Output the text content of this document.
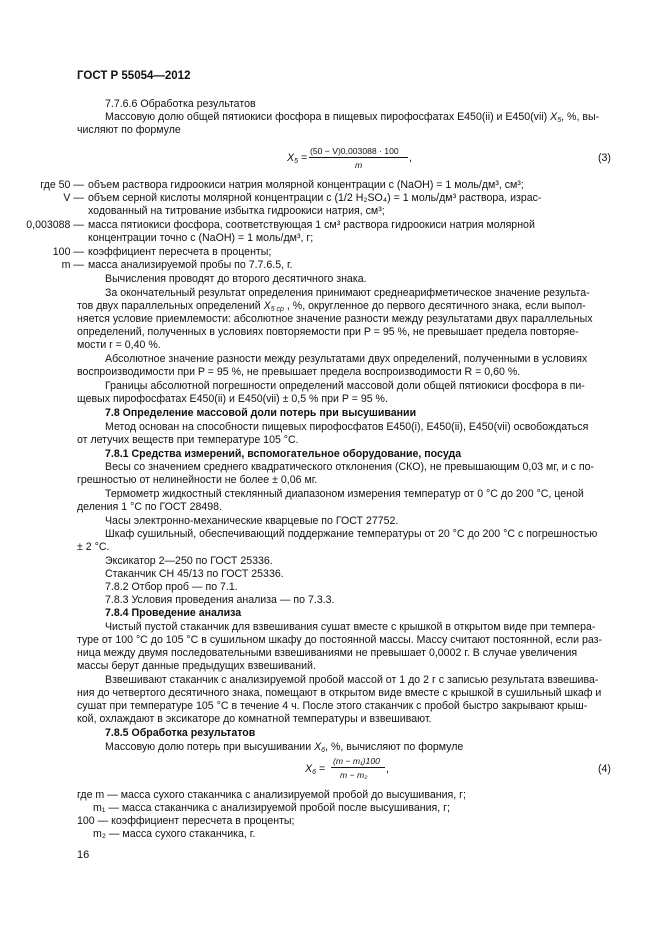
ГОСТ Р 55054—2012
7.7.6.6 Обработка результатов
Массовую долю общей пятиокиси фосфора в пищевых пирофосфатах Е450(ii) и Е450(vii) $X_5$, %, вы-
числяют по формуле
$X_5$ =
(50 − V)0,003088 · 100
m
,	(3)
где 50 — объем раствора гидроокиси натрия молярной концентрации c (NaOH) = 1 моль/дм³, см³;
V — объем серной кислоты молярной концентрации c (1/2 H₂SO₄) = 1 моль/дм³ раствора, израс-
ходованный на титрование избытка гидроокиси натрия, см³;
0,003088 — масса пятиокиси фосфора, соответствующая 1 см³ раствора гидроокиси натрия молярной
концентрации точно c (NaOH) = 1 моль/дм³, г;
100 — коэффициент пересчета в проценты;
m — масса анализируемой пробы по 7.7.6.5, г.
Вычисления проводят до второго десятичного знака.
За окончательный результат определения принимают среднеарифметическое значение результа-
тов двух параллельных определений $X_{5 ср}$ , %, округленное до первого десятичного знака, если выпол-
няется условие приемлемости: абсолютное значение разности между результатами двух параллельных
определений, полученных в условиях повторяемости при P = 95 %, не превышает предела повторяе-
мости r = 0,40 %.
Абсолютное значение разности между результатами двух определений, полученными в условиях
воспроизводимости при P = 95 %, не превышает предела воспроизводимости R = 0,60 %.
Границы абсолютной погрешности определений массовой доли общей пятиокиси фосфора в пи-
щевых пирофосфатах Е450(ii) и Е450(vii) ± 0,5 % при P = 95 %.
7.8 Определение массовой доли потерь при высушивании
Метод основан на способности пищевых пирофосфатов Е450(i), Е450(ii), Е450(vii) освобождаться
от летучих веществ при температуре 105 °С.
7.8.1 Средства измерений, вспомогательное оборудование, посуда
Весы со значением среднего квадратического отклонения (СКО), не превышающим 0,03 мг, и с по-
грешностью от нелинейности не более ± 0,06 мг.
Термометр жидкостный стеклянный диапазоном измерения температур от 0 °С до 200 °С, ценой
деления 1 °С по ГОСТ 28498.
Часы электронно-механические кварцевые по ГОСТ 27752.
Шкаф сушильный, обеспечивающий поддержание температуры от 20 °С до 200 °С с погрешностью
± 2 °С.
Эксикатор 2—250 по ГОСТ 25336.
Стаканчик СН 45/13 по ГОСТ 25336.
7.8.2 Отбор проб — по 7.1.
7.8.3 Условия проведения анализа — по 7.3.3.
7.8.4 Проведение анализа
Чистый пустой стаканчик для взвешивания сушат вместе с крышкой в открытом виде при темпера-
туре от 100 °С до 105 °С в сушильном шкафу до постоянной массы. Массу считают постоянной, если раз-
ница между двумя последовательными взвешиваниями не превышает 0,0002 г. В случае увеличения
массы берут данные предыдущих взвешиваний.
Взвешивают стаканчик с анализируемой пробой массой от 1 до 2 г с записью результата взвешива-
ния до четвертого десятичного знака, помещают в открытом виде вместе с крышкой в сушильный шкаф и
сушат при температуре 105 °С в течение 4 ч. После этого стаканчик с пробой быстро закрывают крыш-
кой, охлаждают в эксикаторе до комнатной температуры и взвешивают.
7.8.5 Обработка результатов
Массовую долю потерь при высушивании $X_6$, %, вычисляют по формуле
$X_6$ =
(m − m₁)100
m − m₂ ,	(4)
где m — масса сухого стаканчика с анализируемой пробой до высушивания, г;
m₁ — масса стаканчика с анализируемой пробой после высушивания, г;
100 — коэффициент пересчета в проценты;
m₂ — масса сухого стаканчика, г.
16
